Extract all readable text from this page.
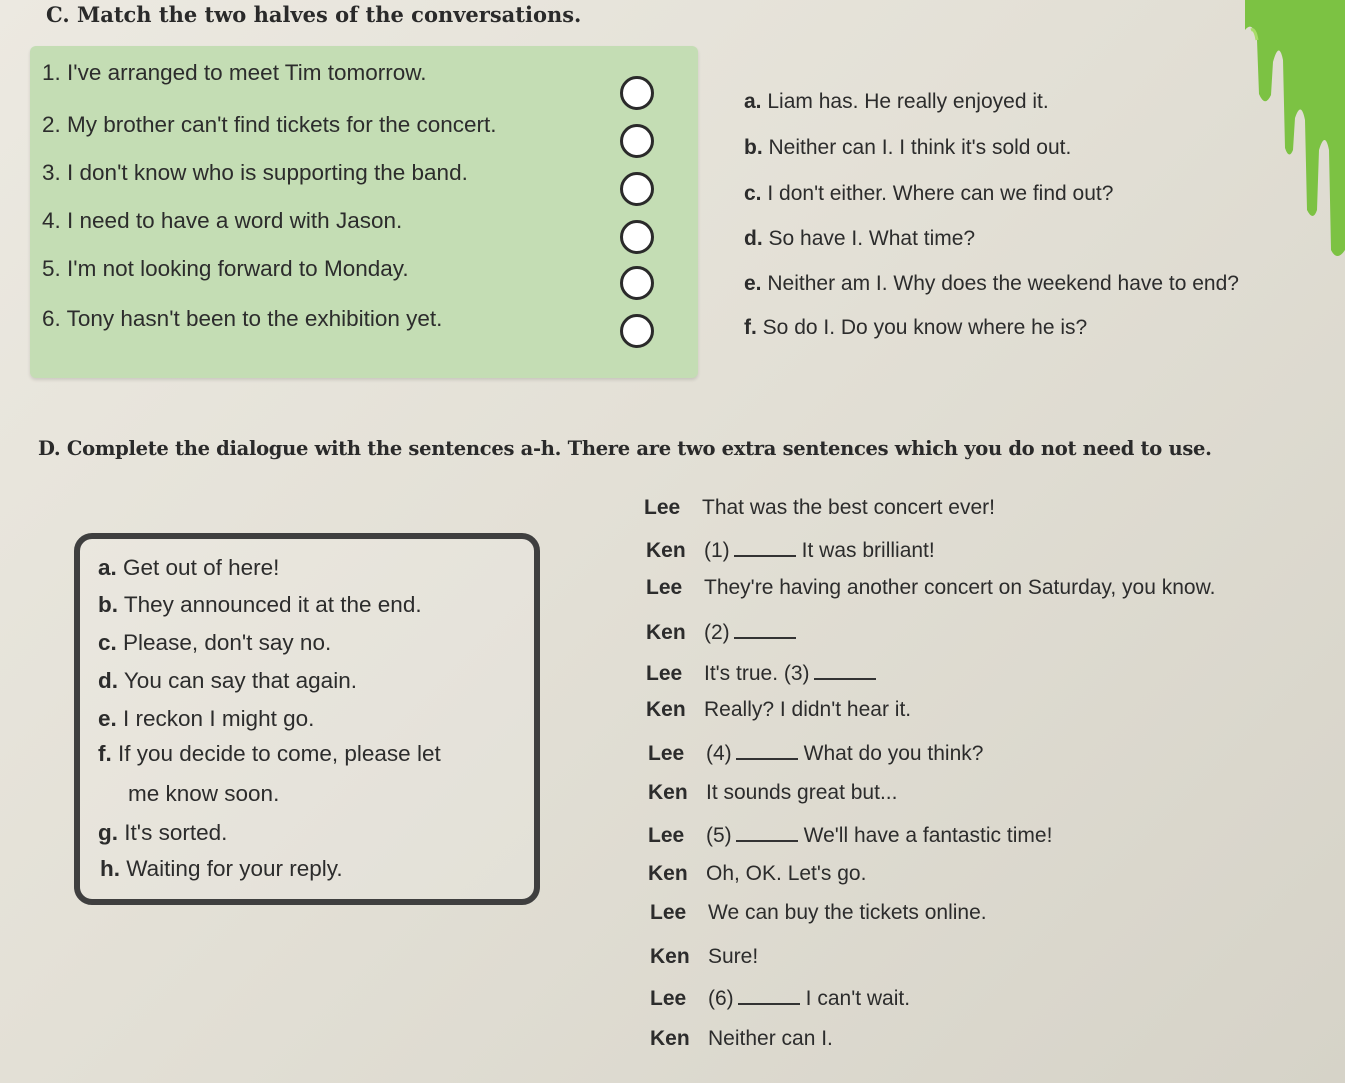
C. Match the two halves of the conversations.
1. I've arranged to meet Tim tomorrow.
2. My brother can't find tickets for the concert.
3. I don't know who is supporting the band.
4. I need to have a word with Jason.
5. I'm not looking forward to Monday.
6. Tony hasn't been to the exhibition yet.
a. Liam has. He really enjoyed it.
b. Neither can I. I think it's sold out.
c. I don't either. Where can we find out?
d. So have I. What time?
e. Neither am I. Why does the weekend have to end?
f. So do I. Do you know where he is?
D. Complete the dialogue with the sentences a-h. There are two extra sentences which you do not need to use.
a. Get out of here!
b. They announced it at the end.
c. Please, don't say no.
d. You can say that again.
e. I reckon I might go.
f. If you decide to come, please let
me know soon.
g. It's sorted.
h. Waiting for your reply.
Lee That was the best concert ever!
Ken (1)	It was brilliant!
Lee They're having another concert on Saturday, you know.
Ken (2)
Lee It's true. (3)
Ken Really? I didn't hear it.
Lee (4)	What do you think?
Ken It sounds great but...
Lee (5)	We'll have a fantastic time!
Ken Oh, OK. Let's go.
Lee We can buy the tickets online.
Ken Sure!
Lee (6)	I can't wait.
Ken Neither can I.
